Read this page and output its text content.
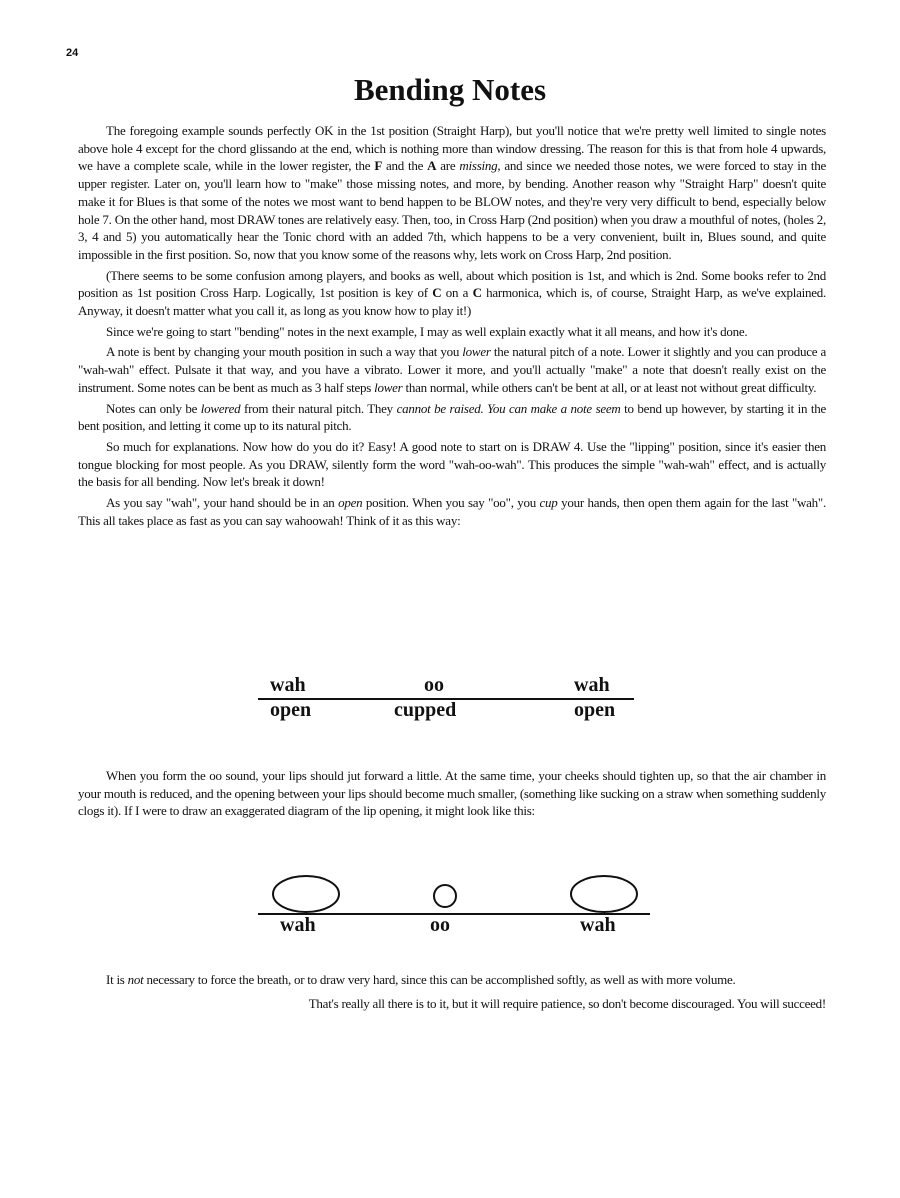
24
Bending Notes

The foregoing example sounds perfectly OK in the 1st position (Straight Harp), but you'll notice that we're pretty well limited to single notes above hole 4 except for the chord glissando at the end, which is nothing more than window dressing. The reason for this is that from hole 4 upwards, we have a complete scale, while in the lower register, the F and the A are missing, and since we needed those notes, we were forced to stay in the upper register. Later on, you'll learn how to "make" those missing notes, and more, by bending. Another reason why "Straight Harp" doesn't quite make it for Blues is that some of the notes we most want to bend happen to be BLOW notes, and they're very very difficult to bend, especially below hole 7. On the other hand, most DRAW tones are relatively easy. Then, too, in Cross Harp (2nd position) when you draw a mouthful of notes, (holes 2, 3, 4 and 5) you automatically hear the Tonic chord with an added 7th, which happens to be a very convenient, built in, Blues sound, and quite impossible in the first position. So, now that you know some of the reasons why, lets work on Cross Harp, 2nd position.

(There seems to be some confusion among players, and books as well, about which position is 1st, and which is 2nd. Some books refer to 2nd position as 1st position Cross Harp. Logically, 1st position is key of C on a C harmonica, which is, of course, Straight Harp, as we've explained. Anyway, it doesn't matter what you call it, as long as you know how to play it!)

Since we're going to start "bending" notes in the next example, I may as well explain exactly what it all means, and how it's done.

A note is bent by changing your mouth position in such a way that you lower the natural pitch of a note. Lower it slightly and you can produce a "wah-wah" effect. Pulsate it that way, and you have a vibrato. Lower it more, and you'll actually "make" a note that doesn't really exist on the instrument. Some notes can be bent as much as 3 half steps lower than normal, while others can't be bent at all, or at least not without great difficulty.

Notes can only be lowered from their natural pitch. They cannot be raised. You can make a note seem to bend up however, by starting it in the bent position, and letting it come up to its natural pitch.

So much for explanations. Now how do you do it? Easy! A good note to start on is DRAW 4. Use the "lipping" position, since it's easier then tongue blocking for most people. As you DRAW, silently form the word "wah-oo-wah". This produces the simple "wah-wah" effect, and is actually the basis for all bending. Now let's break it down!

As you say "wah", your hand should be in an open position. When you say "oo", you cup your hands, then open them again for the last "wah". This all takes place as fast as you can say wahoowah! Think of it as this way:

wah	oo	wah
open	cupped	open

When you form the oo sound, your lips should jut forward a little. At the same time, your cheeks should tighten up, so that the air chamber in your mouth is reduced, and the opening between your lips should become much smaller, (something like sucking on a straw when something suddenly clogs it). If I were to draw an exaggerated diagram of the lip opening, it might look like this:

wah	oo	wah

It is not necessary to force the breath, or to draw very hard, since this can be accomplished softly, as well as with more volume.

That's really all there is to it, but it will require patience, so don't become discouraged. You will succeed!
